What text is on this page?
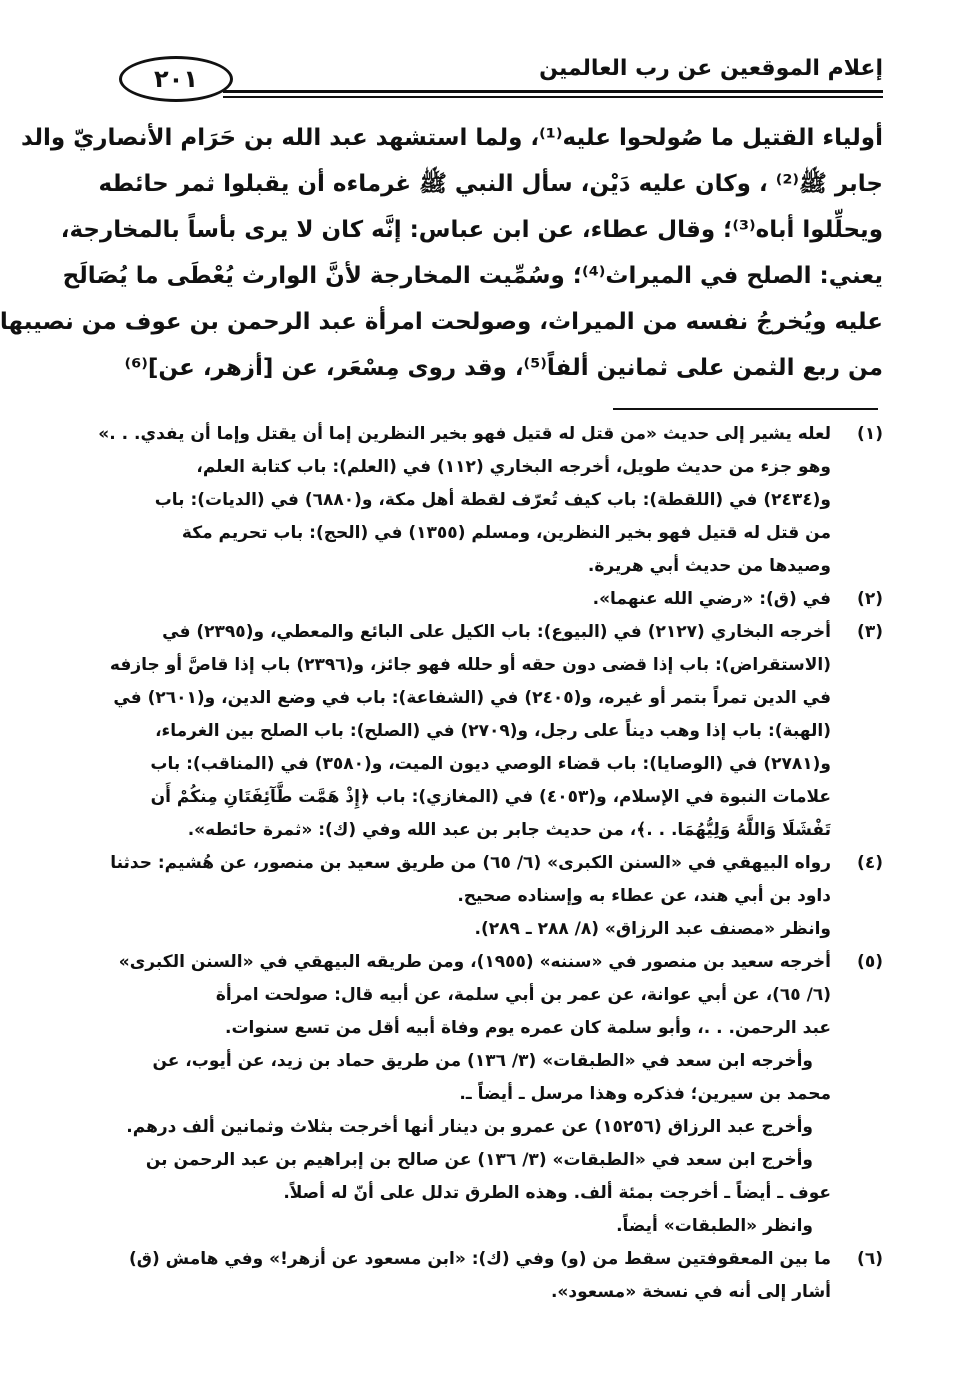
إعلام الموقعين عن رب العالمين
٢٠١
أولياء القتيل ما صُولحوا عليه⁽¹⁾، ولما استشهد عبد الله بن حَرَام الأنصاريّ والد
جابر ﷺ⁽²⁾ ، وكان عليه دَيْن، سأل النبي ﷺ غرماءه أن يقبلوا ثمر حائطه
ويحلِّلوا أباه⁽³⁾؛ وقال عطاء، عن ابن عباس: إنَّه كان لا يرى بأساً بالمخارجة،
يعني: الصلح في الميراث⁽⁴⁾؛ وسُمِّيت المخارجة لأنَّ الوارث يُعْطَى ما يُصَالَح
عليه ويُخرجُ نفسه من الميراث، وصولحت امرأة عبد الرحمن بن عوف من نصيبها
من ربع الثمن على ثمانين ألفاً⁽⁵⁾، وقد روى مِسْعَر، عن [أزهر، عن]⁽⁶⁾
(١)
لعله يشير إلى حديث «من قتل له قتيل فهو بخير النظرين إما أن يقتل وإما أن يفدي. . .»
وهو جزء من حديث طويل، أخرجه البخاري (١١٢) في (العلم): باب كتابة العلم،
و(٢٤٣٤) في (اللقطة): باب كيف تُعرّف لقطة أهل مكة، و(٦٨٨٠) في (الديات): باب
من قتل له قتيل فهو بخير النظرين، ومسلم (١٣٥٥) في (الحج): باب تحريم مكة
وصيدها من حديث أبي هريرة.
(٢)
في (ق): «رضي الله عنهما».
(٣)
أخرجه البخاري (٢١٢٧) في (البيوع): باب الكيل على البائع والمعطي، و(٢٣٩٥) في
(الاستقراض): باب إذا قضى دون حقه أو حلله فهو جائز، و(٢٣٩٦) باب إذا قاصَّ أو جازفه
في الدين تمراً بتمر أو غيره، و(٢٤٠٥) في (الشفاعة): باب في وضع الدين، و(٢٦٠١) في
(الهبة): باب إذا وهب ديناً على رجل، و(٢٧٠٩) في (الصلح): باب الصلح بين الغرماء،
و(٢٧٨١) في (الوصايا): باب قضاء الوصي ديون الميت، و(٣٥٨٠) في (المناقب): باب
علامات النبوة في الإسلام، و(٤٠٥٣) في (المغازي): باب ﴿إِذْ هَمَّت طَّآئِفَتَانِ مِنكُمْ أَن
تَفْشَلَا وَاللَّهُ وَلِيُّهُمَا. . .﴾، من حديث جابر بن عبد الله وفي (ك): «ثمرة حائطه».
(٤)
رواه البيهقي في «السنن الكبرى» (٦/ ٦٥) من طريق سعيد بن منصور، عن هُشيم: حدثنا
داود بن أبي هند، عن عطاء به وإسناده صحيح.
وانظر «مصنف عبد الرزاق» (٨/ ٢٨٨ ـ ٢٨٩).
(٥)
أخرجه سعيد بن منصور في «سننه» (١٩٥٥)، ومن طريقه البيهقي في «السنن الكبرى»
(٦/ ٦٥)، عن أبي عوانة، عن عمر بن أبي سلمة، عن أبيه قال: صولحت امرأة
عبد الرحمن. . .، وأبو سلمة كان عمره يوم وفاة أبيه أقل من تسع سنوات.
وأخرجه ابن سعد في «الطبقات» (٣/ ١٣٦) من طريق حماد بن زيد، عن أيوب، عن
محمد بن سيرين؛ فذكره وهذا مرسل ـ أيضاً ـ.
وأخرج عبد الرزاق (١٥٢٥٦) عن عمرو بن دينار أنها أخرجت بثلاث وثمانين ألف درهم.
وأخرج ابن سعد في «الطبقات» (٣/ ١٣٦) عن صالح بن إبراهيم بن عبد الرحمن بن
عوف ـ أيضاً ـ أخرجت بمئة ألف. وهذه الطرق تدلل على أنّ له أصلاً.
وانظر «الطبقات» أيضاً.
(٦)
ما بين المعقوفتين سقط من (و) وفي (ك): «ابن مسعود عن أزهر!» وفي هامش (ق)
أشار إلى أنه في نسخة «مسعود».
